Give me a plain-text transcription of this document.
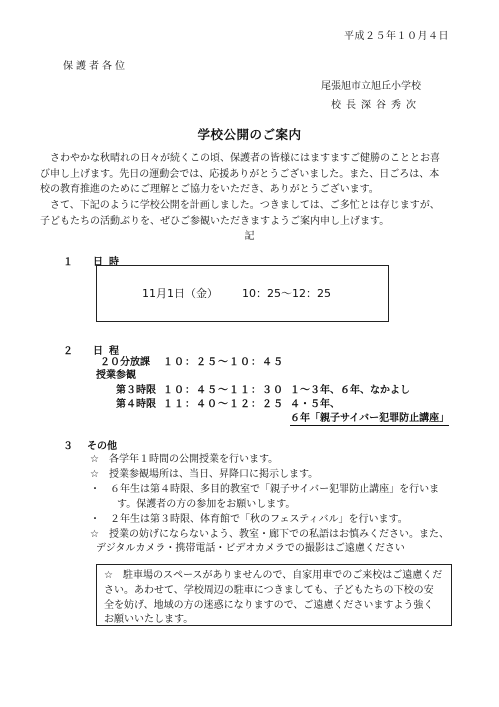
平成２５年１０月４日
保護者各位
尾張旭市立旭丘小学校
校長深谷秀次
学校公開のご案内
　さわやかな秋晴れの日々が続くこの頃、保護者の皆様にはますますご健勝のこととお喜
び申し上げます。先日の運動会では、応援ありがとうございました。また、日ごろは、本
校の教育推進のためにご理解とご協力をいただき、ありがとうございます。
　さて、下記のように学校公開を計画しました。つきましては、ご多忙とは存じますが、
子どもたちの活動ぶりを、ぜひご参観いただきますようご案内申し上げます。
記
１ 日時
11月1日（金） 10：25〜12：25
２ 日程
２０分放課 １０：２５〜１０：４５
授業参観
第３時限 １０：４５〜１１：３０ １〜３年、６年、なかよし
第４時限 １１：４０〜１２：２５ ４・５年、
６年「親子サイバー犯罪防止講座」
３ その他
☆　各学年１時間の公開授業を行います。
☆　授業参観場所は、当日、昇降口に掲示します。
・　６年生は第４時限、多目的教室で「親子サイバー犯罪防止講座」を行いま
す。保護者の方の参加をお願いします。
・　２年生は第３時限、体育館で「秋のフェスティバル」を行います。
☆　授業の妨げにならないよう、教室・廊下での私語はお慎みください。また、
デジタルカメラ・携帯電話・ビデオカメラでの撮影はご遠慮ください
☆　駐車場のスペースがありませんので、自家用車でのご来校はご遠慮くだ
さい。あわせて、学校周辺の駐車につきましても、子どもたちの下校の安
全を妨げ、地域の方の迷惑になりますので、ご遠慮くださいますよう強く
お願いいたします。
